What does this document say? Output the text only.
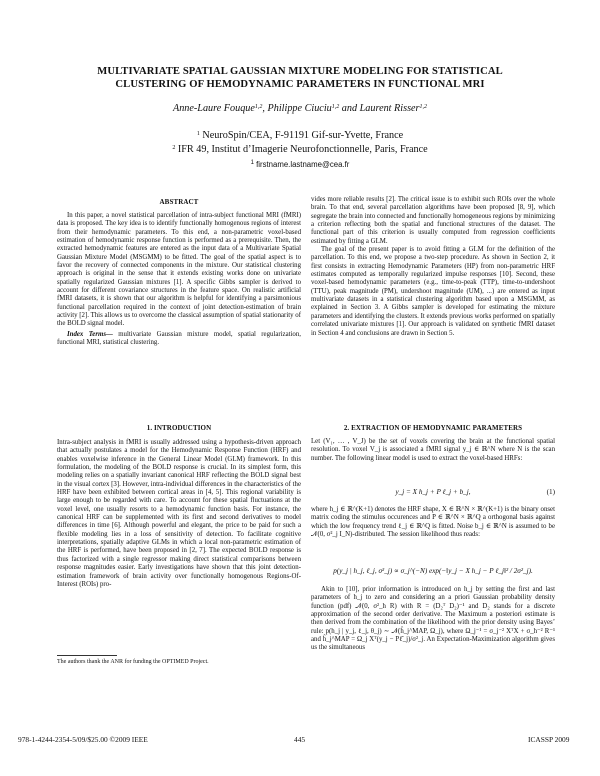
MULTIVARIATE SPATIAL GAUSSIAN MIXTURE MODELING FOR STATISTICAL
CLUSTERING OF HEMODYNAMIC PARAMETERS IN FUNCTIONAL MRI
Anne-Laure Fouque$^{1,2}$, Philippe Ciuciu$^{1,2}$ and Laurent Risser$^{1,2}$
$^1$ NeuroSpin/CEA, F-91191 Gif-sur-Yvette, France
$^2$ IFR 49, Institut d’Imagerie Neurofonctionnelle, Paris, France
$^1$ firstname.lastname@cea.fr
ABSTRACT

In this paper, a novel statistical parcellation of intra-subject functional MRI (fMRI) data is proposed. The key idea is to identify functionally homogenous regions of interest from their hemodynamic parameters. To this end, a non-parametric voxel-based estimation of hemodynamic response function is performed as a prerequisite. Then, the extracted hemodynamic features are entered as the input data of a Multivariate Spatial Gaussian Mixture Model (MSGMM) to be fitted. The goal of the spatial aspect is to favor the recovery of connected components in the mixture. Our statistical clustering approach is original in the sense that it extends existing works done on univariate spatially regularized Gaussian mixtures [1]. A specific Gibbs sampler is derived to account for different covariance structures in the feature space. On realistic artificial fMRI datasets, it is shown that our algorithm is helpful for identifying a parsimonious functional parcellation required in the context of joint detection-estimation of brain activity [2]. This allows us to overcome the classical assumption of spatial stationarity of the BOLD signal model.

Index Terms— multivariate Gaussian mixture model, spatial regularization, functional MRI, statistical clustering.

1. INTRODUCTION

Intra-subject analysis in fMRI is usually addressed using a hypothesis-driven approach that actually postulates a model for the Hemodynamic Response Function (HRF) and enables voxelwise inference in the General Linear Model (GLM) framework. In this formulation, the modeling of the BOLD response is crucial. In its simplest form, this modeling relies on a spatially invariant canonical HRF reflecting the BOLD signal best in the visual cortex [3]. However, intra-individual differences in the characteristics of the HRF have been exhibited between cortical areas in [4, 5]. This regional variability is large enough to be regarded with care. To account for these spatial fluctuations at the voxel level, one usually resorts to a hemodynamic function basis. For instance, the canonical HRF can be supplemented with its first and second derivatives to model differences in time [6]. Although powerful and elegant, the price to be paid for such a flexible modeling lies in a loss of sensitivity of detection. To facilitate cognitive interpretations, spatially adaptive GLMs in which a local non-parametric estimation of the HRF is performed, have been proposed in [2, 7]. The expected BOLD response is thus factorized with a single regressor making direct statistical comparisons between response magnitudes easier. Early investigations have shown that this joint detection-estimation framework of brain activity over functionally homogenous Regions-Of-Interest (ROIs) pro-

The authors thank the ANR for funding the OPTIMED Project.

vides more reliable results [2]. The critical issue is to exhibit such ROIs over the whole brain. To that end, several parcellation algorithms have been proposed [8, 9], which segregate the brain into connected and functionally homogeneous regions by minimizing a criterion reflecting both the spatial and functional structures of the dataset. The functional part of this criterion is usually computed from regression coefficients estimated by fitting a GLM.

The goal of the present paper is to avoid fitting a GLM for the definition of the parcellation. To this end, we propose a two-step procedure. As shown in Section 2, it first consists in extracting Hemodynamic Parameters (HP) from non-parametric HRF estimates computed as temporally regularized impulse responses [10]. Second, these voxel-based hemodynamic parameters (e.g., time-to-peak (TTP), time-to-undershoot (TTU), peak magnitude (PM), undershoot magnitude (UM), ...) are entered as input multivariate datasets in a statistical clustering algorithm based upon a MSGMM, as explained in Section 3. A Gibbs sampler is developed for estimating the mixture parameters and identifying the clusters. It extends previous works performed on spatially correlated univariate mixtures [1]. Our approach is validated on synthetic fMRI dataset in Section 4 and conclusions are drawn in Section 5.

2. EXTRACTION OF HEMODYNAMIC PARAMETERS

Let (V₁, … , V_J) be the set of voxels covering the brain at the functional spatial resolution. To voxel V_j is associated a fMRI signal y_j ∈ ℝ^N where N is the scan number. The following linear model is used to extract the voxel-based HRFs:

y_j = X h_j + P ℓ_j + b_j,	(1)

where h_j ∈ ℝ^(K+1) denotes the HRF shape, X ∈ ℝ^N × ℝ^(K+1) is the binary onset matrix coding the stimulus occurences and P ∈ ℝ^N × ℝ^Q a orthogonal basis against which the low frequency trend ℓ_j ∈ ℝ^Q is fitted. Noise b_j ∈ ℝ^N is assumed to be 𝒩(0, σ²_j I_N)-distributed. The session likelihood thus reads:

p(y_j | h_j, ℓ_j, σ²_j) ∝ σ_j^(−N) exp(−‖y_j − X h_j − P ℓ_j‖² / 2σ²_j).

Akin to [10], prior information is introduced on h_j by setting the first and last parameters of h_j to zero and considering an a priori Gaussian probability density function (pdf) 𝒩(0, σ²_h R) with R = (D₂ᵀ D₂)⁻¹ and D₂ stands for a discrete approximation of the second order derivative. The Maximum a posteriori estimate is then derived from the combination of the likelihood with the prior density using Bayes’ rule: p(h_j | y_j, ℓ_j, θ_j) ∼ 𝒩(ĥ_j^MAP, Ω_j), where Ω_j⁻¹ = σ_j⁻² XᵀX + σ_h⁻² R⁻¹ and ĥ_j^MAP = Ω_j Xᵀ(y_j − Pℓ̂_j)/σ²_j. An Expectation-Maximization algorithm gives us the simultaneous

978-1-4244-2354-5/09/$25.00 ©2009 IEEE	445	ICASSP 2009
